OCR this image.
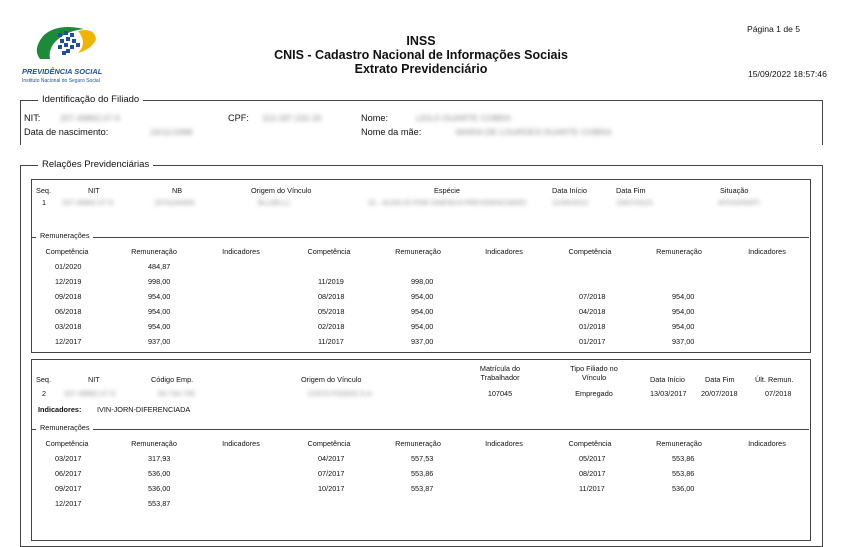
PREVIDÊNCIA SOCIAL
Instituto Nacional do Seguro Social
INSS
CNIS - Cadastro Nacional de Informações Sociais
Extrato Previdenciário
Página 1 de 5
15/09/2022 18:57:46
Identificação do Filiado
NIT: 207.49862.07-5	CPF: 113.187.232-20	Nome:	LEILO DUARTE COBRA
Data de nascimento:	16/11/1998	Nome da mãe:	MARIA DE LOURDES DUARTE COBRA
Relações Previdenciárias
Seq.	NIT	NB	Origem do Vínculo	Espécie	Data Início	Data Fim	Situação
1 207.49862.07-5	1970249454	BLU(ELL)	31 - AUXILIO POR DOENCA PREVIDENCIARIO	11/05/2013	19/07/2015	ATIVO/INATI
Remunerações
Competência	Remuneração	Indicadores	Competência	Remuneração	Indicadores	Competência	Remuneração	Indicadores
01/2020	484,87
12/2019	998,00	11/2019	998,00
09/2018	954,00	08/2018	954,00	07/2018	954,00
06/2018	954,00	05/2018	954,00	04/2018	954,00
03/2018	954,00	02/2018	954,00	01/2018	954,00
12/2017	937,00	11/2017	937,00	01/2017	937,00
Seq.	NIT	Código Emp.	Origem do Vínculo
Matrícula do
Trabalhador
Tipo Filiado no
Vínculo	Data Início	Data Fim	Últ. Remun.
2 207.49862.07-5	00.734.739	COCO FOODS S.A	107045	Empregado	13/03/2017 20/07/2018	07/2018
Indicadores: IVIN-JORN-DIFERENCIADA
Remunerações
Competência	Remuneração	Indicadores	Competência	Remuneração	Indicadores	Competência	Remuneração	Indicadores
03/2017	317,93	04/2017	557,53	05/2017	553,86
06/2017	536,00	07/2017	553,86	08/2017	553,86
09/2017	536,00	10/2017	553,87	11/2017	536,00
12/2017	553,87
